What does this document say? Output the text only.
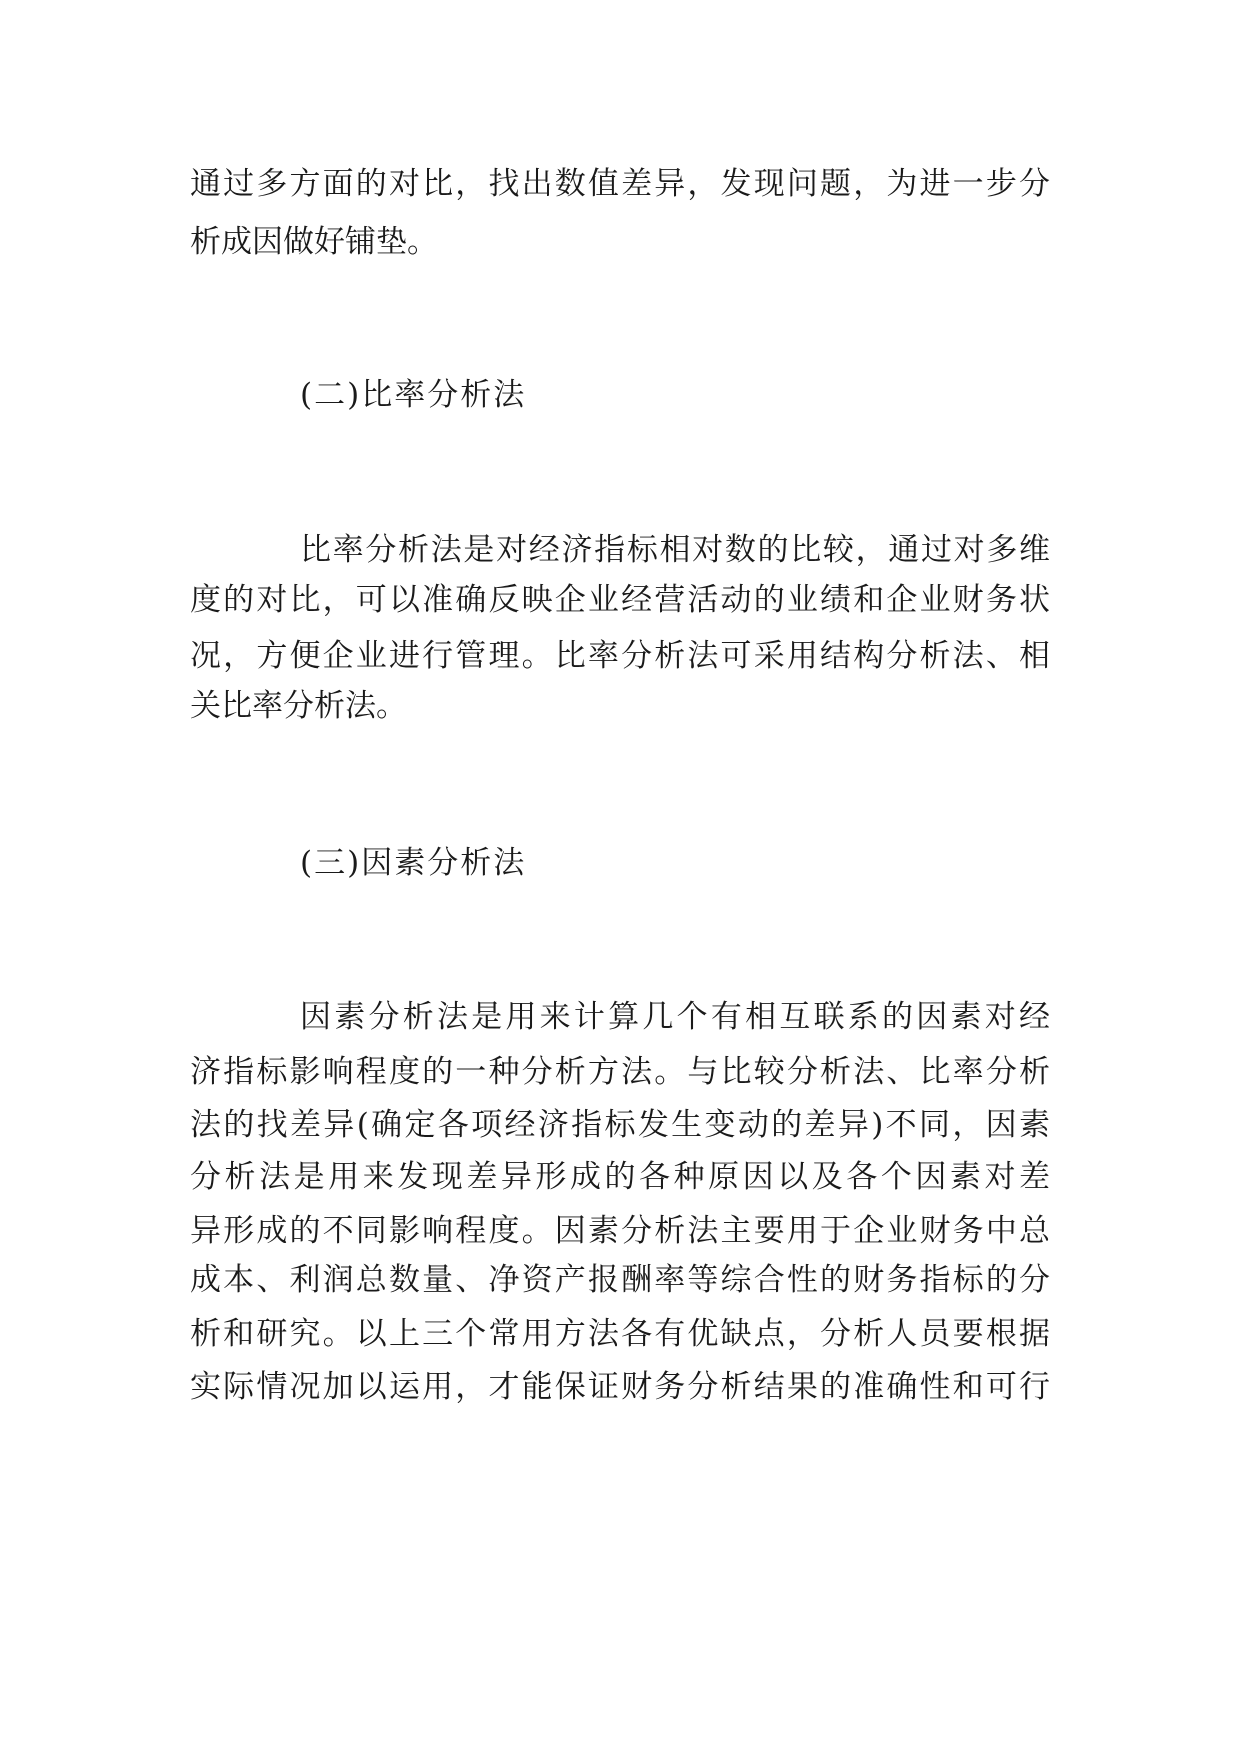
通过多方面的对比，找出数值差异，发现问题，为进一步分
析成因做好铺垫。
(二)比率分析法
比率分析法是对经济指标相对数的比较，通过对多维
度的对比，可以准确反映企业经营活动的业绩和企业财务状
况，方便企业进行管理。比率分析法可采用结构分析法、相
关比率分析法。
(三)因素分析法
因素分析法是用来计算几个有相互联系的因素对经
济指标影响程度的一种分析方法。与比较分析法、比率分析
法的找差异(确定各项经济指标发生变动的差异)不同，因素
分析法是用来发现差异形成的各种原因以及各个因素对差
异形成的不同影响程度。因素分析法主要用于企业财务中总
成本、利润总数量、净资产报酬率等综合性的财务指标的分
析和研究。以上三个常用方法各有优缺点，分析人员要根据
实际情况加以运用，才能保证财务分析结果的准确性和可行
